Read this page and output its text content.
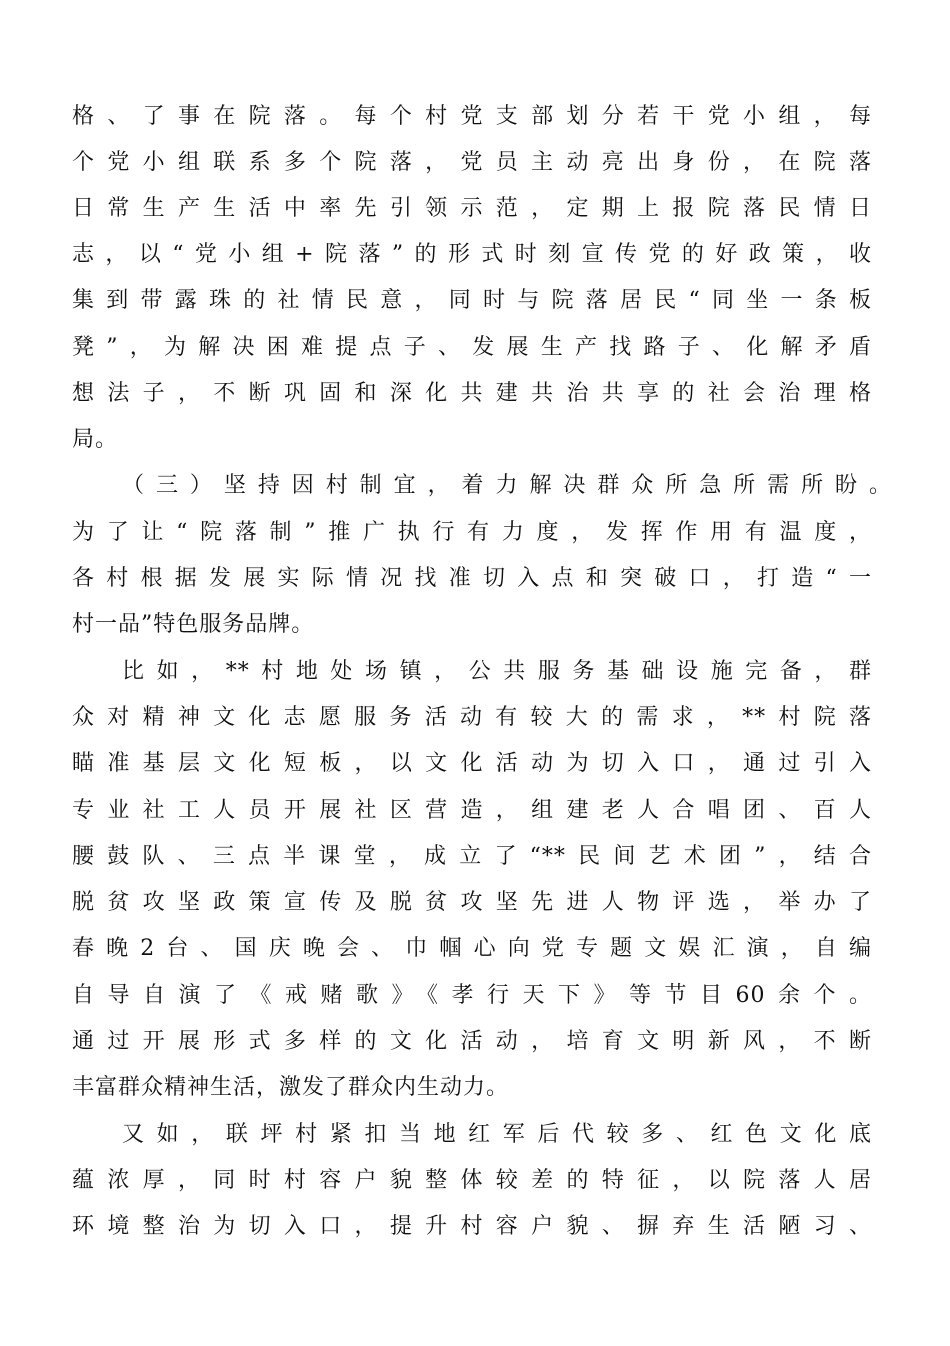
格、了事在院落。每个村党支部划分若干党小组，每
个党小组联系多个院落，党员主动亮出身份，在院落
日常生产生活中率先引领示范，定期上报院落民情日
志，以“党小组+院落”的形式时刻宣传党的好政策，收
集到带露珠的社情民意，同时与院落居民“同坐一条板
凳”，为解决困难提点子、发展生产找路子、化解矛盾
想法子，不断巩固和深化共建共治共享的社会治理格
局。
（三）坚持因村制宜，着力解决群众所急所需所盼。
为了让“院落制”推广执行有力度，发挥作用有温度，
各村根据发展实际情况找准切入点和突破口，打造“一
村一品”特色服务品牌。
比如，**村地处场镇，公共服务基础设施完备，群
众对精神文化志愿服务活动有较大的需求，**村院落
瞄准基层文化短板，以文化活动为切入口，通过引入
专业社工人员开展社区营造，组建老人合唱团、百人
腰鼓队、三点半课堂，成立了“**民间艺术团”，结合
脱贫攻坚政策宣传及脱贫攻坚先进人物评选，举办了
春晚2台、国庆晚会、巾帼心向党专题文娱汇演，自编
自导自演了《戒赌歌》《孝行天下》等节目60余个。
通过开展形式多样的文化活动，培育文明新风，不断
丰富群众精神生活，激发了群众内生动力。
又如，联坪村紧扣当地红军后代较多、红色文化底
蕴浓厚，同时村容户貌整体较差的特征，以院落人居
环境整治为切入口，提升村容户貌、摒弃生活陋习、
